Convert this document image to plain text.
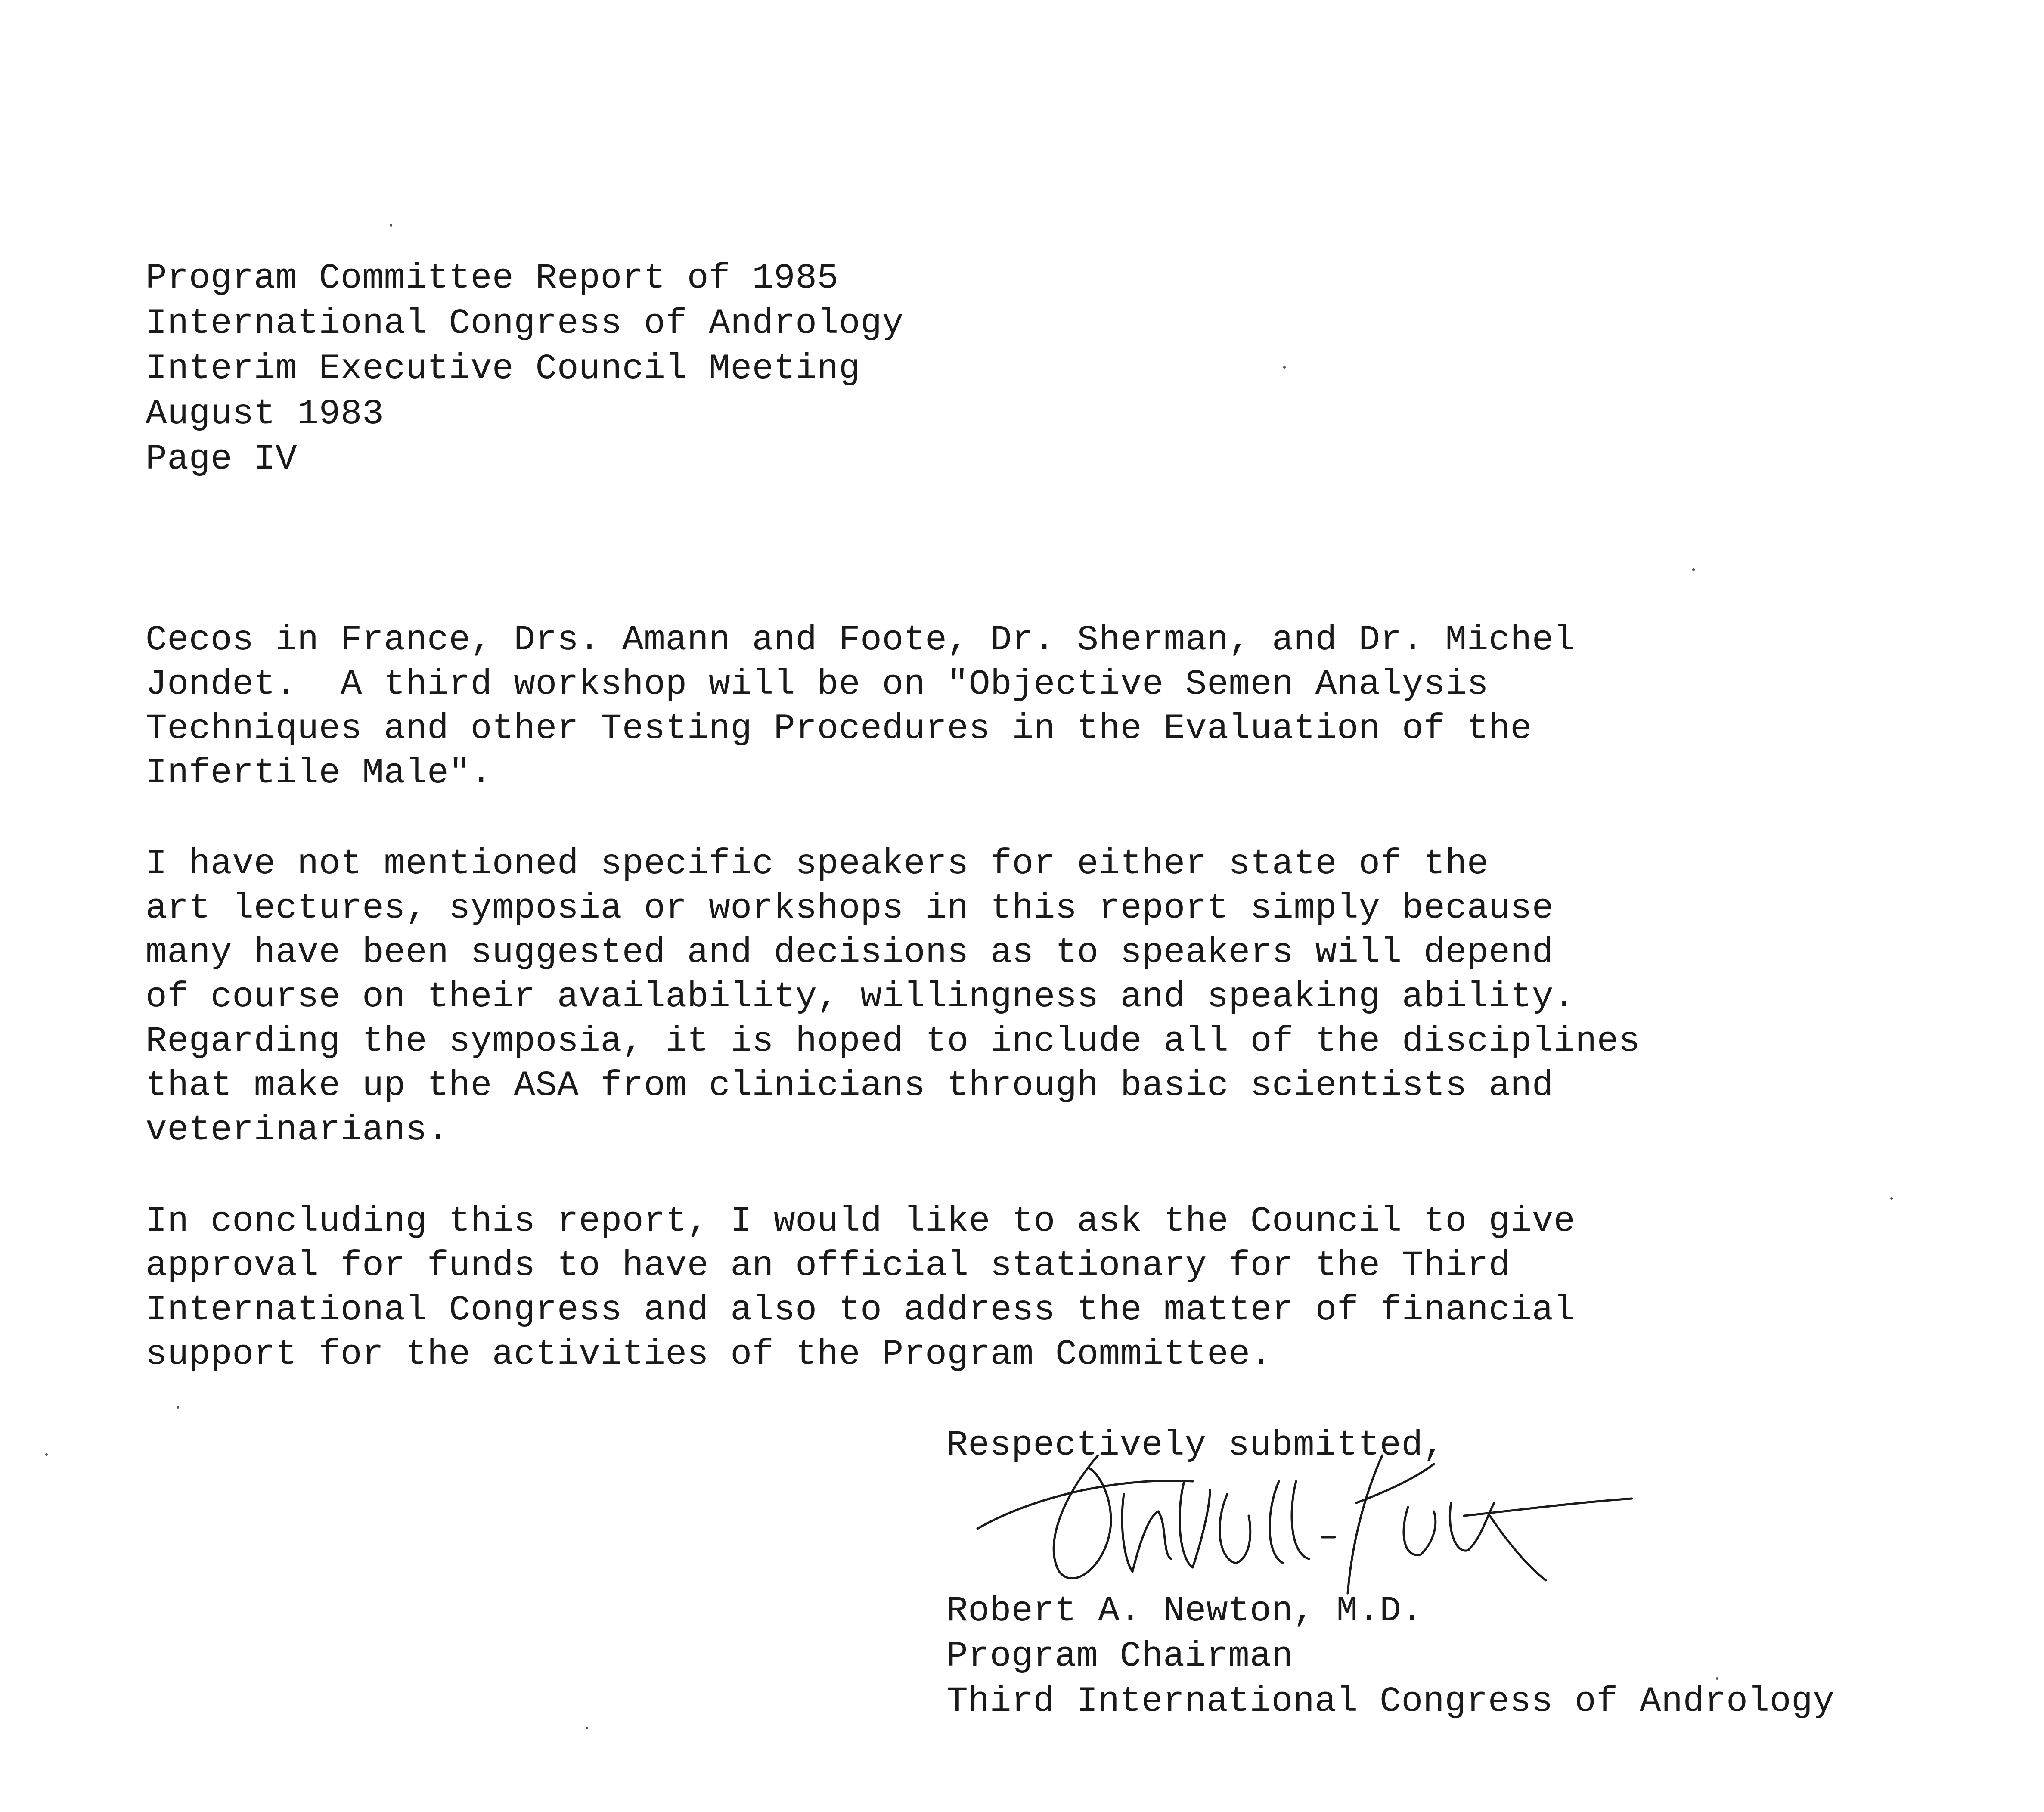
Program Committee Report of 1985
International Congress of Andrology
Interim Executive Council Meeting
August 1983
Page IV
Cecos in France, Drs. Amann and Foote, Dr. Sherman, and Dr. Michel
Jondet.  A third workshop will be on "Objective Semen Analysis
Techniques and other Testing Procedures in the Evaluation of the
Infertile Male".
I have not mentioned specific speakers for either state of the
art lectures, symposia or workshops in this report simply because
many have been suggested and decisions as to speakers will depend
of course on their availability, willingness and speaking ability.
Regarding the symposia, it is hoped to include all of the disciplines
that make up the ASA from clinicians through basic scientists and
veterinarians.
In concluding this report, I would like to ask the Council to give
approval for funds to have an official stationary for the Third
International Congress and also to address the matter of financial
support for the activities of the Program Committee.
Respectively submitted,
Robert A. Newton, M.D.
Program Chairman
Third International Congress of Andrology
